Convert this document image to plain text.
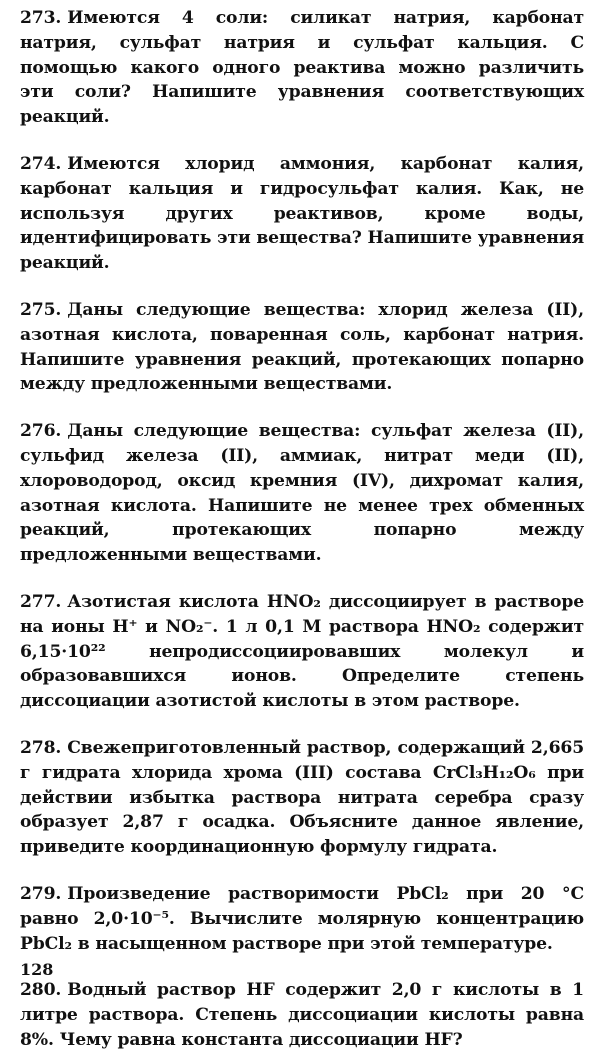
273. Имеются 4 соли: силикат натрия, карбонат натрия, сульфат натрия и сульфат кальция. С помощью какого одного реактива можно различить эти соли? Напишите уравнения соответствующих реакций.

274. Имеются хлорид аммония, карбонат калия, карбонат кальция и гидросульфат калия. Как, не используя других реактивов, кроме воды, идентифицировать эти вещества? Напишите уравнения реакций.

275. Даны следующие вещества: хлорид железа (II), азотная кислота, поваренная соль, карбонат натрия. Напишите уравнения реакций, протекающих попарно между предложенными веществами.

276. Даны следующие вещества: сульфат железа (II), сульфид железа (II), аммиак, нитрат меди (II), хлороводород, оксид кремния (IV), дихромат калия, азотная кислота. Напишите не менее трех обменных реакций, протекающих попарно между предложенными веществами.

277. Азотистая кислота HNO₂ диссоциирует в растворе на ионы H⁺ и NO₂⁻. 1 л 0,1 М раствора HNO₂ содержит 6,15·10²² непродиссоциировавших молекул и образовавшихся ионов. Определите степень диссоциации азотистой кислоты в этом растворе.

278. Свежеприготовленный раствор, содержащий 2,665 г гидрата хлорида хрома (III) состава CrCl₃H₁₂O₆ при действии избытка раствора нитрата серебра сразу образует 2,87 г осадка. Объясните данное явление, приведите координационную формулу гидрата.

279. Произведение растворимости PbCl₂ при 20 °C равно 2,0·10⁻⁵. Вычислите молярную концентрацию PbCl₂ в насыщенном растворе при этой температуре.

280. Водный раствор HF содержит 2,0 г кислоты в 1 литре раствора. Степень диссоциации кислоты равна 8%. Чему равна константа диссоциации HF?

128
